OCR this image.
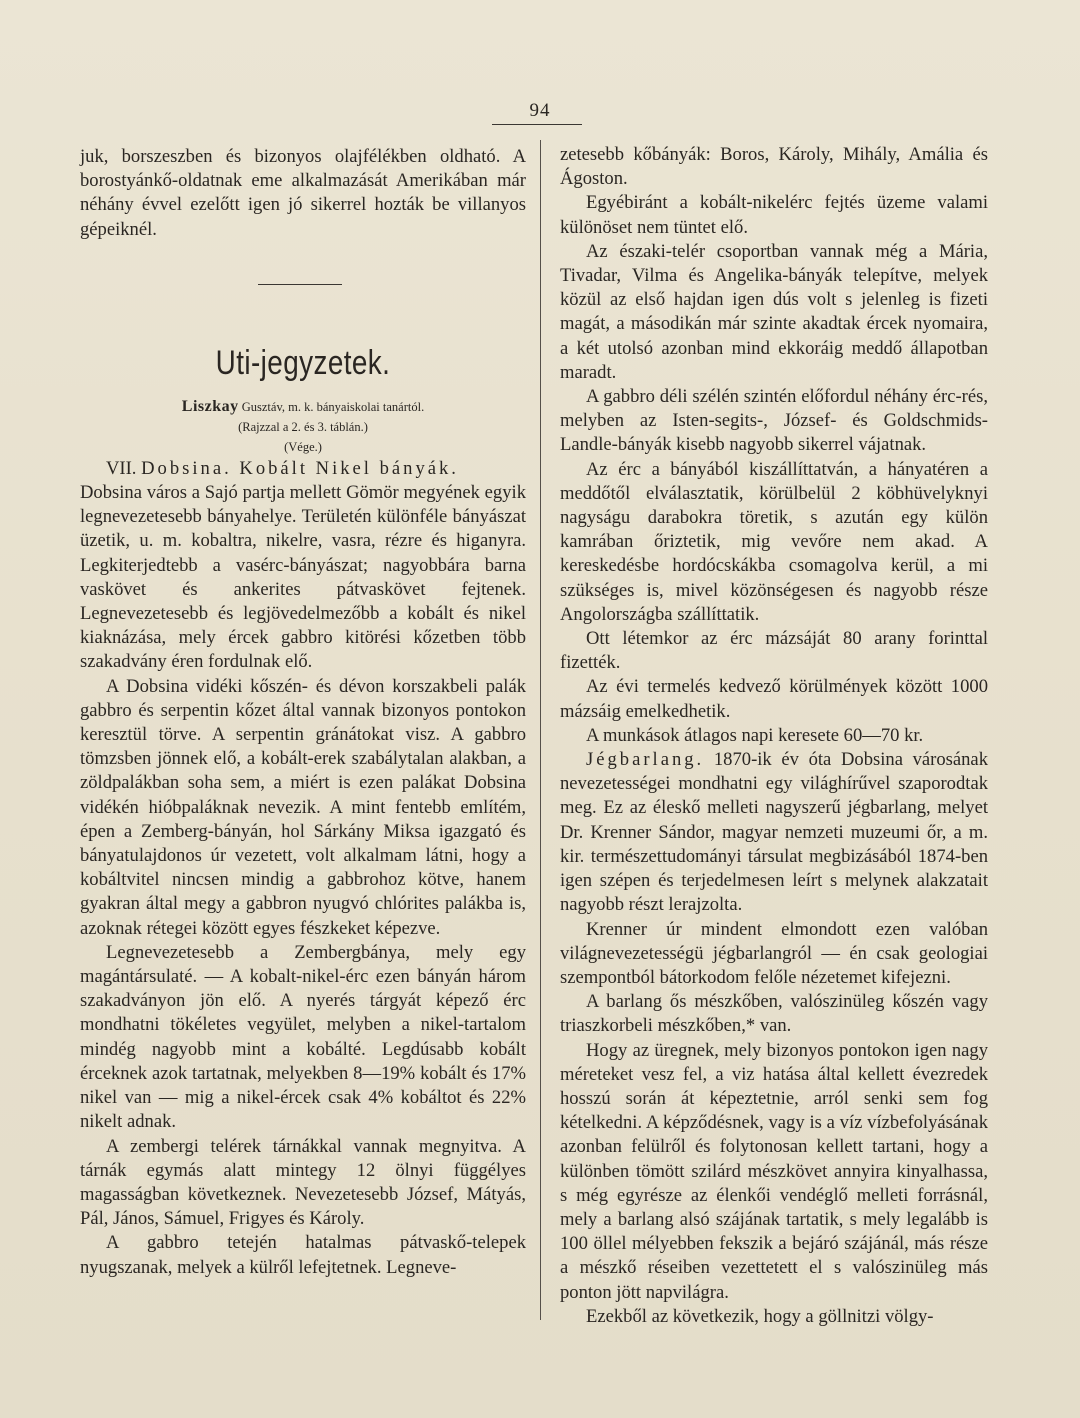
94

juk, borszeszben és bizonyos olajfélékben oldható. A borostyánkő-oldatnak eme alkalmazását Amerikában már néhány évvel ezelőtt igen jó sikerrel hozták be villanyos gépeiknél.

Uti-jegyzetek.

Liszkay Gusztáv, m. k. bányaiskolai tanártól.

(Rajzzal a 2. és 3. táblán.)

(Vége.)

VII. Dobsina. Kobált Nikel bányák.

Dobsina város a Sajó partja mellett Gömör megyének egyik legnevezetesebb bányahelye. Területén különféle bányászat üzetik, u. m. kobaltra, nikelre, vasra, rézre és higanyra. Legkiterjedtebb a vasérc-bányászat; nagyobbára barna vaskövet és ankerites pátvaskövet fejtenek. Legnevezetesebb és legjövedelmezőbb a kobált és nikel kiaknázása, mely ércek gabbro kitörési kőzetben több szakadvány éren fordulnak elő.

A Dobsina vidéki kőszén- és dévon korszakbeli palák gabbro és serpentin kőzet által vannak bizonyos pontokon keresztül törve. A serpentin gránátokat visz. A gabbro tömzsben jönnek elő, a kobált-erek szabálytalan alakban, a zöldpalákban soha sem, a miért is ezen palákat Dobsina vidékén hióbpaláknak nevezik. A mint fentebb említém, épen a Zemberg-bányán, hol Sárkány Miksa igazgató és bányatulajdonos úr vezetett, volt alkalmam látni, hogy a kobáltvitel nincsen mindig a gabbrohoz kötve, hanem gyakran által megy a gabbron nyugvó chlórites palákba is, azoknak rétegei között egyes fészkeket képezve.

Legnevezetesebb a Zembergbánya, mely egy magántársulaté. — A kobalt-nikel-érc ezen bányán három szakadványon jön elő. A nyerés tárgyát képező érc mondhatni tökéletes vegyület, melyben a nikel-tartalom mindég nagyobb mint a kobálté. Legdúsabb kobált érceknek azok tartatnak, melyekben 8—19% kobált és 17% nikel van — mig a nikel-ércek csak 4% kobáltot és 22% nikelt adnak.

A zembergi telérek tárnákkal vannak megnyitva. A tárnák egymás alatt mintegy 12 ölnyi függélyes magasságban következnek. Nevezetesebb József, Mátyás, Pál, János, Sámuel, Frigyes és Károly.

A gabbro tetején hatalmas pátvaskő-telepek nyugszanak, melyek a külről lefejtetnek. Legneve-

zetesebb kőbányák: Boros, Károly, Mihály, Amália és Ágoston.

Egyébiránt a kobált-nikelérc fejtés üzeme valami különöset nem tüntet elő.

Az északi-telér csoportban vannak még a Mária, Tivadar, Vilma és Angelika-bányák telepítve, melyek közül az első hajdan igen dús volt s jelenleg is fizeti magát, a másodikán már szinte akadtak ércek nyomaira, a két utolsó azonban mind ekkoráig meddő állapotban maradt.

A gabbro déli szélén szintén előfordul néhány érc-rés, melyben az Isten-segits-, József- és Goldschmids-Landle-bányák kisebb nagyobb sikerrel vájatnak.

Az érc a bányából kiszállíttatván, a hányatéren a meddőtől elválasztatik, körülbelül 2 köbhüvelyknyi nagyságu darabokra töretik, s azután egy külön kamrában őriztetik, mig vevőre nem akad. A kereskedésbe hordócskákba csomagolva kerül, a mi szükséges is, mivel közönségesen és nagyobb része Angolországba szállíttatik.

Ott létemkor az érc mázsáját 80 arany forinttal fizették.

Az évi termelés kedvező körülmények között 1000 mázsáig emelkedhetik.

A munkások átlagos napi keresete 60—70 kr.

Jégbarlang. 1870-ik év óta Dobsina városának nevezetességei mondhatni egy világhírűvel szaporodtak meg. Ez az éleskő melleti nagyszerű jégbarlang, melyet Dr. Krenner Sándor, magyar nemzeti muzeumi őr, a m. kir. természettudományi társulat megbizásából 1874-ben igen szépen és terjedelmesen leírt s melynek alakzatait nagyobb részt lerajzolta.

Krenner úr mindent elmondott ezen valóban világnevezetességü jégbarlangról — én csak geologiai szempontból bátorkodom felőle nézetemet kifejezni.

A barlang ős mészkőben, valószinüleg kőszén vagy triaszkorbeli mészkőben,* van.

Hogy az üregnek, mely bizonyos pontokon igen nagy méreteket vesz fel, a viz hatása által kellett évezredek hosszú során át képeztetnie, arról senki sem fog kételkedni. A képződésnek, vagy is a víz vízbefolyásának azonban felülről és folytonosan kellett tartani, hogy a különben tömött szilárd mészkövet annyira kinyalhassa, s még egyrésze az élenkői vendéglő melleti forrásnál, mely a barlang alsó szájának tartatik, s mely legalább is 100 öllel mélyebben fekszik a bejáró szájánál, más része a mészkő réseiben vezettetett el s valószinüleg más ponton jött napvilágra.

Ezekből az következik, hogy a göllnitzi völgy-
